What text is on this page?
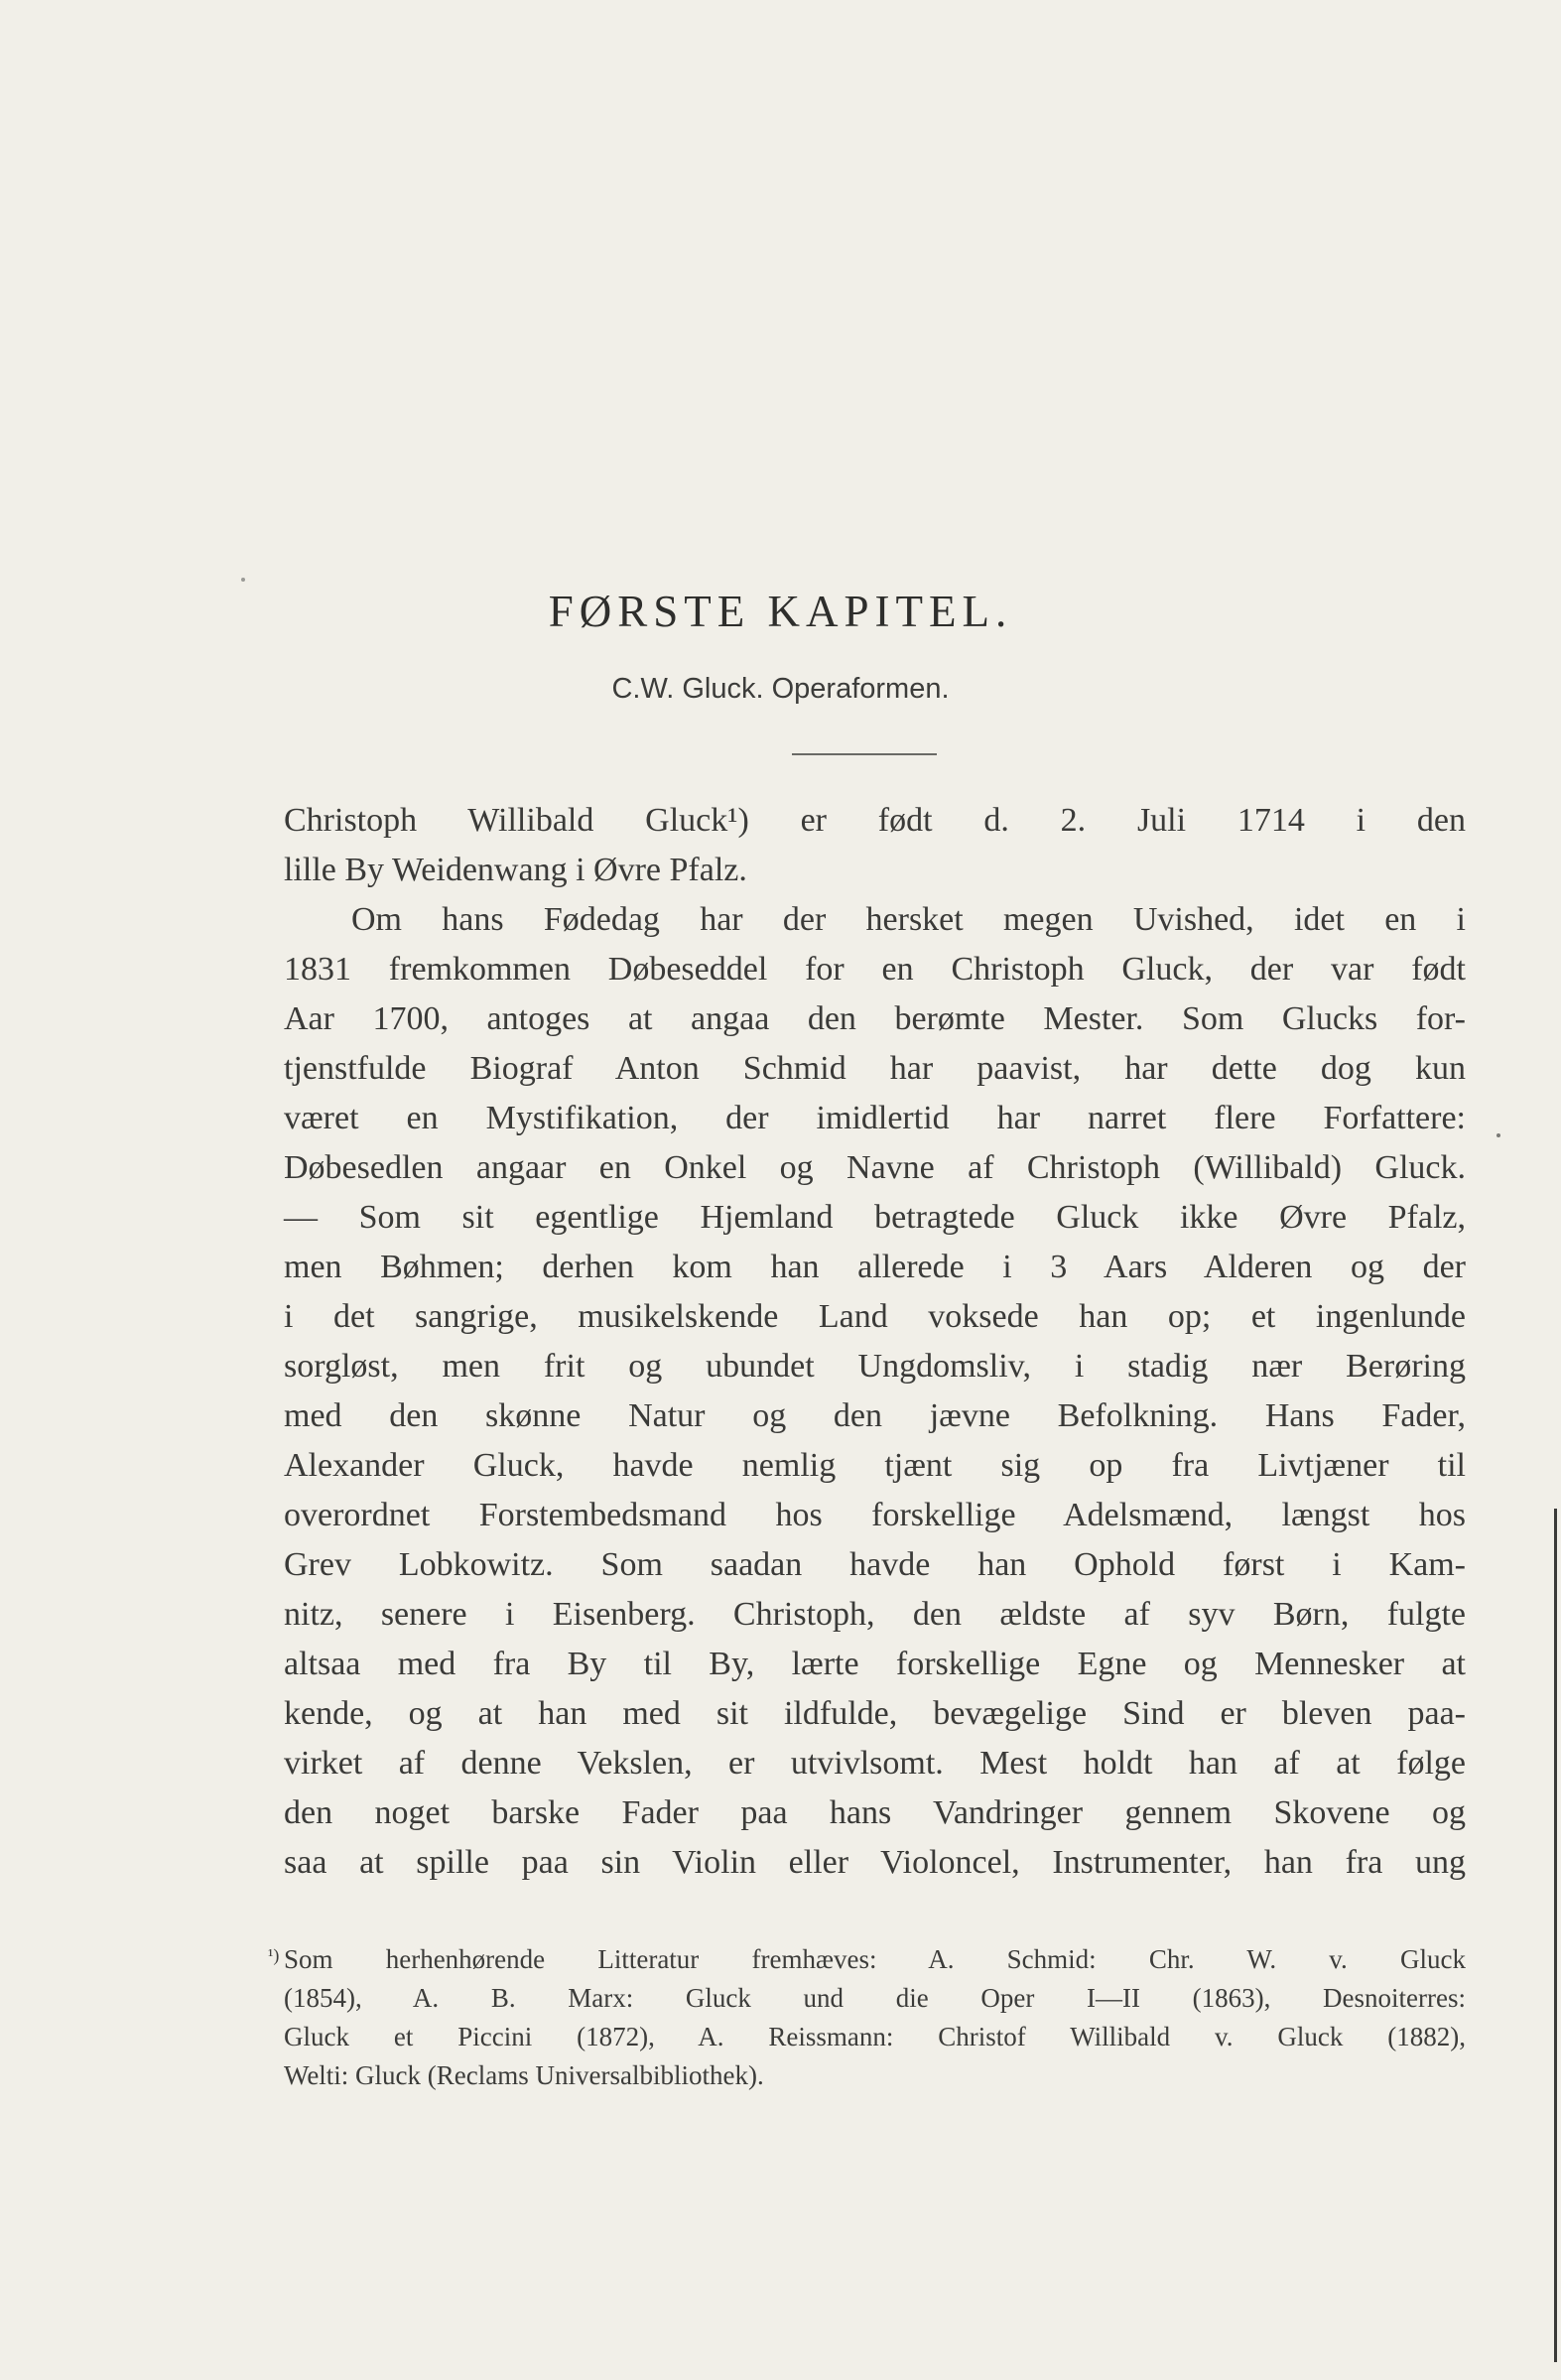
FØRSTE KAPITEL.
C.W. Gluck. Operaformen.
Christoph Willibald Gluck¹) er født d. 2. Juli 1714 i den
lille By Weidenwang i Øvre Pfalz.
Om hans Fødedag har der hersket megen Uvished, idet en i
1831 fremkommen Døbeseddel for en Christoph Gluck, der var født
Aar 1700, antoges at angaa den berømte Mester. Som Glucks for-
tjenstfulde Biograf Anton Schmid har paavist, har dette dog kun
været en Mystifikation, der imidlertid har narret flere Forfattere:
Døbesedlen angaar en Onkel og Navne af Christoph (Willibald) Gluck.
— Som sit egentlige Hjemland betragtede Gluck ikke Øvre Pfalz,
men Bøhmen; derhen kom han allerede i 3 Aars Alderen og der
i det sangrige, musikelskende Land voksede han op; et ingenlunde
sorgløst, men frit og ubundet Ungdomsliv, i stadig nær Berøring
med den skønne Natur og den jævne Befolkning. Hans Fader,
Alexander Gluck, havde nemlig tjænt sig op fra Livtjæner til
overordnet Forstembedsmand hos forskellige Adelsmænd, længst hos
Grev Lobkowitz. Som saadan havde han Ophold først i Kam-
nitz, senere i Eisenberg. Christoph, den ældste af syv Børn, fulgte
altsaa med fra By til By, lærte forskellige Egne og Mennesker at
kende, og at han med sit ildfulde, bevægelige Sind er bleven paa-
virket af denne Vekslen, er utvivlsomt. Mest holdt han af at følge
den noget barske Fader paa hans Vandringer gennem Skovene og
saa at spille paa sin Violin eller Violoncel, Instrumenter, han fra ung
¹) Som herhenhørende Litteratur fremhæves: A. Schmid: Chr. W. v. Gluck
(1854), A. B. Marx: Gluck und die Oper I—II (1863), Desnoiterres:
Gluck et Piccini (1872), A. Reissmann: Christof Willibald v. Gluck (1882),
Welti: Gluck (Reclams Universalbibliothek).
